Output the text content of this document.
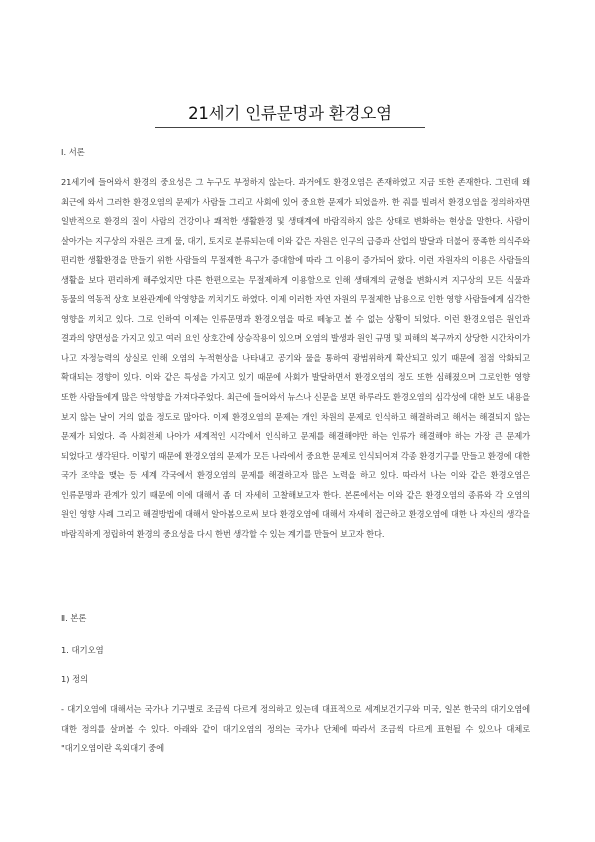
21세기 인류문명과 환경오염
Ⅰ. 서론
21세기에 들어와서 환경의 중요성은 그 누구도 부정하지 않는다. 과거에도 환경오염은 존재하였고 지금 또한 존재한다. 그런데 왜 최근에 와서 그러한 환경오염의 문제가 사람들 그리고 사회에 있어 중요한 문제가 되었을까. 한 줘를 빌려서 환경오염을 정의하자면 일반적으로 환경의 질이 사람의 건강이나 쾌적한 생활환경 및 생태계에 바람직하지 않은 상태로 변화하는 현상을 말한다. 사람이 살아가는 지구상의 자원은 크게 물, 대기, 토지로 분류되는데 이와 같은 자원은 인구의 급증과 산업의 발달과 더불어 풍족한 의식주와 편리한 생활환경을 만들기 위한 사람들의 무절제한 욕구가 증대함에 따라 그 이용이 증가되어 왔다. 이런 자원자의 이용은 사람들의 생활을 보다 편리하게 해주었지만 다른 한편으로는 무절제하게 이용함으로 인해 생태계의 균형을 변화시켜 지구상의 모든 식물과 동물의 역동적 상호 보완관계에 악영향을 끼치기도 하였다. 이제 이러한 자연 자원의 무절제한 남용으로 인한 영향 사람들에게 심각한 영향을 끼치고 있다. 그로 인하여 이제는 인류문명과 환경오염을 따로 떼놓고 볼 수 없는 상황이 되었다. 이런 환경오염은 원인과 결과의 양면성을 가지고 있고 여러 요인 상호간에 상승작용이 있으며 오염의 발생과 원인 규명 및 피해의 복구까지 상당한 시간차이가 나고 자정능력의 상실로 인해 오염의 누적현상을 나타내고 공기와 물을 통하여 광범위하게 확산되고 있기 때문에 점점 악화되고 확대되는 경향이 있다. 이와 같은 특성을 가지고 있기 때문에 사회가 발달하면서 환경오염의 정도 또한 심해졌으며 그로인한 영향 또한 사람들에게 많은 악영향을 가져다주었다. 최근에 들어와서 뉴스나 신문을 보면 하루라도 환경오염의 심각성에 대한 보도 내용을 보지 않는 날이 거의 없을 정도로 많아다. 이제 환경오염의 문제는 개인 차원의 문제로 인식하고 해결하려고 해서는 해결되지 않는 문제가 되었다. 즉 사회전체 나아가 세계적인 시각에서 인식하고 문제를 해결해야만 하는 인류가 해결해야 하는 가장 큰 문제가 되었다고 생각된다. 이렇기 때문에 환경오염의 문제가 모든 나라에서 중요한 문제로 인식되어져 각종 환경기구를 만들고 환경에 대한 국가 조약을 맺는 등 세계 각국에서 환경오염의 문제를 해결하고자 많은 노력을 하고 있다. 따라서 나는 이와 같은 환경오염은 인류문명과 관계가 있기 때문에 이에 대해서 좀 더 자세히 고찰해보고자 한다. 본론에서는 이와 같은 환경오염의 종류와 각 오염의 원인 영향 사례 그리고 해결방법에 대해서 알아봄으로써 보다 환경오염에 대해서 자세히 접근하고 환경오염에 대한 나 자신의 생각을 바람직하게 정립하여 환경의 중요성을 다시 한번 생각할 수 있는 계기를 만들어 보고자 한다.
Ⅱ. 본론
1. 대기오염
1) 정의
- 대기오염에 대해서는 국가나 기구별로 조금씩 다르게 정의하고 있는데 대표적으로 세계보건기구와 미국, 일본 한국의 대기오염에 대한 정의를 살펴볼 수 있다. 아래와 같이 대기오염의 정의는 국가나 단체에 따라서 조금씩 다르게 표현될 수 있으나 대체로 "대기오염이란 옥외대기 중에
